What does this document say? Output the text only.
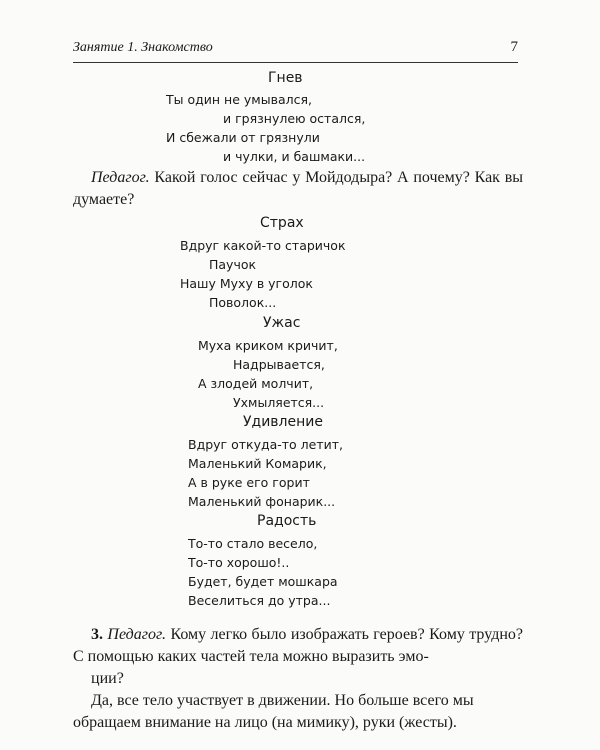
Занятие 1. Знакомство	7
Гнев
Ты один не умывался,
и грязнулею остался,
И сбежали от грязнули
и чулки, и башмаки...
Педагог. Какой голос сейчас у Мойдодыра? А почему? Как вы думаете?
Страх
Вдруг какой-то старичок
Паучок
Нашу Муху в уголок
Поволок...
Ужас
Муха криком кричит,
Надрывается,
А злодей молчит,
Ухмыляется...
Удивление
Вдруг откуда-то летит,
Маленький Комарик,
А в руке его горит
Маленький фонарик...
Радость
То-то стало весело,
То-то хорошо!..
Будет, будет мошкара
Веселиться до утра...
3. Педагог. Кому легко было изображать героев? Кому трудно? С помощью каких частей тела можно выразить эмо-
ции?
Да, все тело участвует в движении. Но больше всего мы
обращаем внимание на лицо (на мимику), руки (жесты).
